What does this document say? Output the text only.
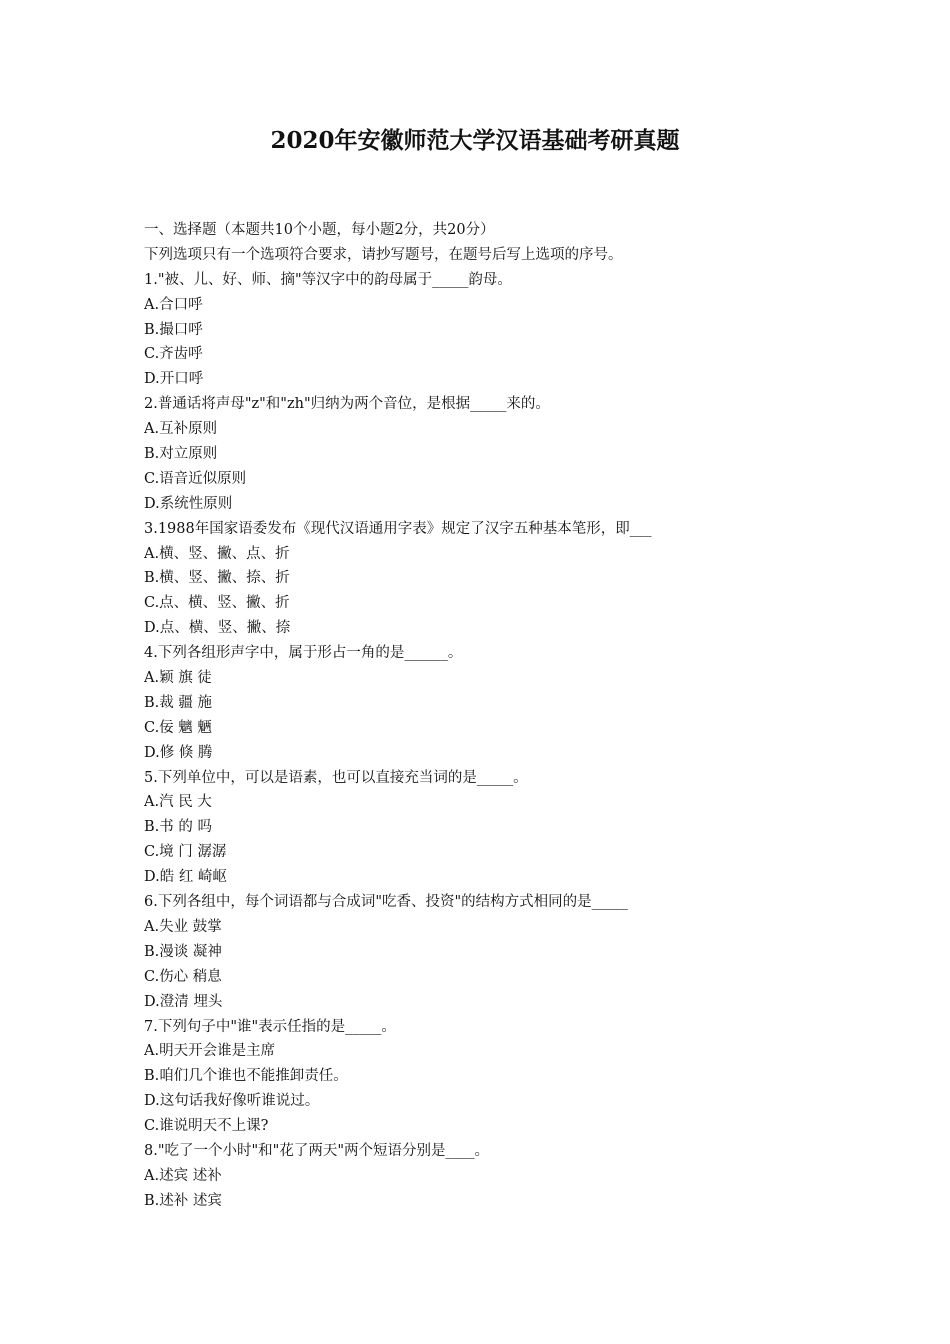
2020年安徽师范大学汉语基础考研真题
一、选择题（本题共10个小题，每小题2分，共20分）
下列选项只有一个选项符合要求，请抄写题号，在题号后写上选项的序号。
1."被、儿、好、师、摘"等汉字中的韵母属于_____韵母。
A.合口呼
B.撮口呼
C.齐齿呼
D.开口呼
2.普通话将声母"z"和"zh"归纳为两个音位，是根据_____来的。
A.互补原则
B.对立原则
C.语音近似原则
D.系统性原则
3.1988年国家语委发布《现代汉语通用字表》规定了汉字五种基本笔形，即___
A.横、竖、撇、点、折
B.横、竖、撇、捺、折
C.点、横、竖、撇、折
D.点、横、竖、撇、捺
4.下列各组形声字中，属于形占一角的是______。
A.颖 旗 徒
B.裁 疆 施
C.佞 魑 魉
D.修 倏 腾
5.下列单位中，可以是语素，也可以直接充当词的是_____。
A.汽 民 大
B.书 的 吗
C.境 门 潺潺
D.皓 红 崎岖
6.下列各组中，每个词语都与合成词"吃香、投资"的结构方式相同的是_____
A.失业 鼓掌
B.漫谈 凝神
C.伤心 稍息
D.澄清 埋头
7.下列句子中"谁"表示任指的是_____。
A.明天开会谁是主席
B.咱们几个谁也不能推卸责任。
D.这句话我好像听谁说过。
C.谁说明天不上课?
8."吃了一个小时"和"花了两天"两个短语分别是____。
A.述宾 述补
B.述补 述宾
